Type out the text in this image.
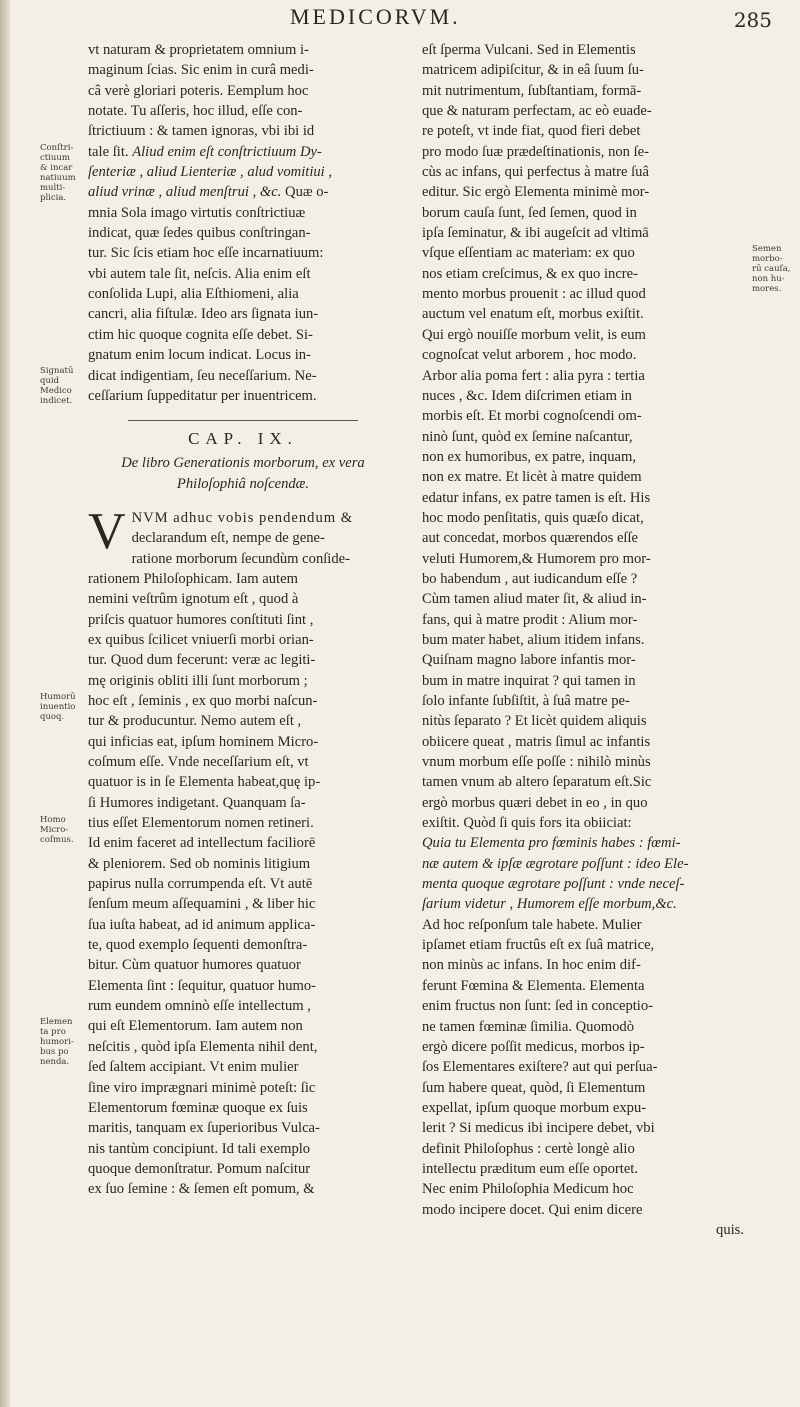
MEDICORVM.	285
vt naturam & proprietatem omnium i-
maginum ſcias. Sic enim in curâ medi-
câ verè gloriari poteris. Eemplum hoc
notate. Tu aſſeris, hoc illud, eſſe con-
ſtrictiuum : & tamen ignoras, vbi ibi id
tale ſit. Aliud enim eſt conſtrictiuum Dy-
ſenteriæ , aliud Lienteriæ , alud vomitiui ,
aliud vrinæ , aliud menſtrui , &c. Quæ o-
mnia Sola imago virtutis conſtrictiuæ
indicat, quæ ſedes quibus conſtringan-
tur. Sic ſcis etiam hoc eſſe incarnatiuum:
vbi autem tale ſit, neſcis. Alia enim eſt
conſolida Lupi, alia Eſthiomeni, alia
cancri, alia fiſtulæ. Ideo ars ſignata iun-
ctim hic quoque cognita eſſe debet. Si-
gnatum enim locum indicat. Locus in-
dicat indigentiam, ſeu neceſſarium. Ne-
ceſſarium ſuppeditatur per inuentricem.
CAP. IX.
De libro Generationis morborum, ex vera
Philoſophiâ noſcendæ.
V NVM adhuc vobis pendendum &
declarandum eſt, nempe de gene-
ratione morborum ſecundùm conſide-
rationem Philoſophicam. Iam autem
nemini veſtrûm ignotum eſt , quod à
priſcis quatuor humores conſtituti ſint ,
ex quibus ſcilicet vniuerſi morbi orian-
tur. Quod dum fecerunt: veræ ac legiti-
mę originis obliti illi ſunt morborum ;
hoc eſt , ſeminis , ex quo morbi naſcun-
tur & producuntur. Nemo autem eſt ,
qui inficias eat, ipſum hominem Micro-
coſmum eſſe. Vnde neceſſarium eſt, vt
quatuor is in ſe Elementa habeat,quę ip-
ſi Humores indigetant. Quanquam ſa-
tius eſſet Elementorum nomen retineri.
Id enim faceret ad intellectum faciliorē
& pleniorem. Sed ob nominis litigium
papirus nulla corrumpenda eſt. Vt autē
ſenſum meum aſſequamini , & liber hic
ſua iuſta habeat, ad id animum applica-
te, quod exemplo ſequenti demonſtra-
bitur. Cùm quatuor humores quatuor
Elementa ſint : ſequitur, quatuor humo-
rum eundem omninò eſſe intellectum ,
qui eſt Elementorum. Iam autem non
neſcitis , quòd ipſa Elementa nihil dent,
ſed ſaltem accipiant. Vt enim mulier
ſine viro imprægnari minimè poteſt: ſic
Elementorum fœminæ quoque ex ſuis
maritis, tanquam ex ſuperioribus Vulca-
nis tantùm concipiunt. Id tali exemplo
quoque demonſtratur. Pomum naſcitur
ex ſuo ſemine : & ſemen eſt pomum, &
eſt ſperma Vulcani. Sed in Elementis
matricem adipiſcitur, & in eâ ſuum ſu-
mit nutrimentum, ſubſtantiam, formā-
que & naturam perfectam, ac eò euade-
re poteſt, vt inde fiat, quod fieri debet
pro modo ſuæ prædeſtinationis, non ſe-
cùs ac infans, qui perfectus à matre ſuâ
editur. Sic ergò Elementa minimè mor-
borum cauſa ſunt, ſed ſemen, quod in
ipſa ſeminatur, & ibi augeſcit ad vltimā
vſque eſſentiam ac materiam: ex quo
nos etiam creſcimus, & ex quo incre-
mento morbus prouenit : ac illud quod
auctum vel enatum eſt, morbus exiſtit.
Qui ergò nouiſſe morbum velit, is eum
cognoſcat velut arborem , hoc modo.
Arbor alia poma fert : alia pyra : tertia
nuces , &c. Idem diſcrimen etiam in
morbis eſt. Et morbi cognoſcendi om-
ninò ſunt, quòd ex ſemine naſcantur,
non ex humoribus, ex patre, inquam,
non ex matre. Et licèt à matre quidem
edatur infans, ex patre tamen is eſt. His
hoc modo penſitatis, quis quæſo dicat,
aut concedat, morbos quærendos eſſe
veluti Humorem,& Humorem pro mor-
bo habendum , aut iudicandum eſſe ?
Cùm tamen aliud mater ſit, & aliud in-
fans, qui à matre prodit : Alium mor-
bum mater habet, alium itidem infans.
Quiſnam magno labore infantis mor-
bum in matre inquirat ? qui tamen in
ſolo infante ſubſiſtit, à ſuâ matre pe-
nitùs ſeparato ? Et licèt quidem aliquis
obiicere queat , matris ſimul ac infantis
vnum morbum eſſe poſſe : nihilò minùs
tamen vnum ab altero ſeparatum eſt.Sic
ergò morbus quæri debet in eo , in quo
exiſtit. Quòd ſi quis fors ita obiiciat:
Quia tu Elementa pro fœminis habes : fœmi-
næ autem & ipſæ ægrotare poſſunt : ideo Ele-
menta quoque ægrotare poſſunt : vnde neceſ-
ſarium videtur , Humorem eſſe morbum,&c.
Ad hoc reſponſum tale habete. Mulier
ipſamet etiam fructûs eſt ex ſuâ matrice,
non minùs ac infans. In hoc enim dif-
ferunt Fœmina & Elementa. Elementa
enim fructus non ſunt: ſed in conceptio-
ne tamen fœminæ ſimilia. Quomodò
ergò dicere poſſit medicus, morbos ip-
ſos Elementares exiſtere? aut qui perſua-
ſum habere queat, quòd, ſi Elementum
expellat, ipſum quoque morbum expu-
lerit ? Si medicus ibi incipere debet, vbi
definit Philoſophus : certè longè alio
intellectu præditum eum eſſe oportet.
Nec enim Philoſophia Medicum hoc
modo incipere docet. Qui enim dicere
quis.
Conſtri-
ctiuum
& incar
natiuum
multi-
plicia.
Signatū
quid
Medico
indicet.
Humorū
inuentio
quoq.
Homo
Micro-
coſmus.
Elemen
ta pro
humori-
bus po
nenda.
Semen
morbo-
rū cauſa,
non hu-
mores.
